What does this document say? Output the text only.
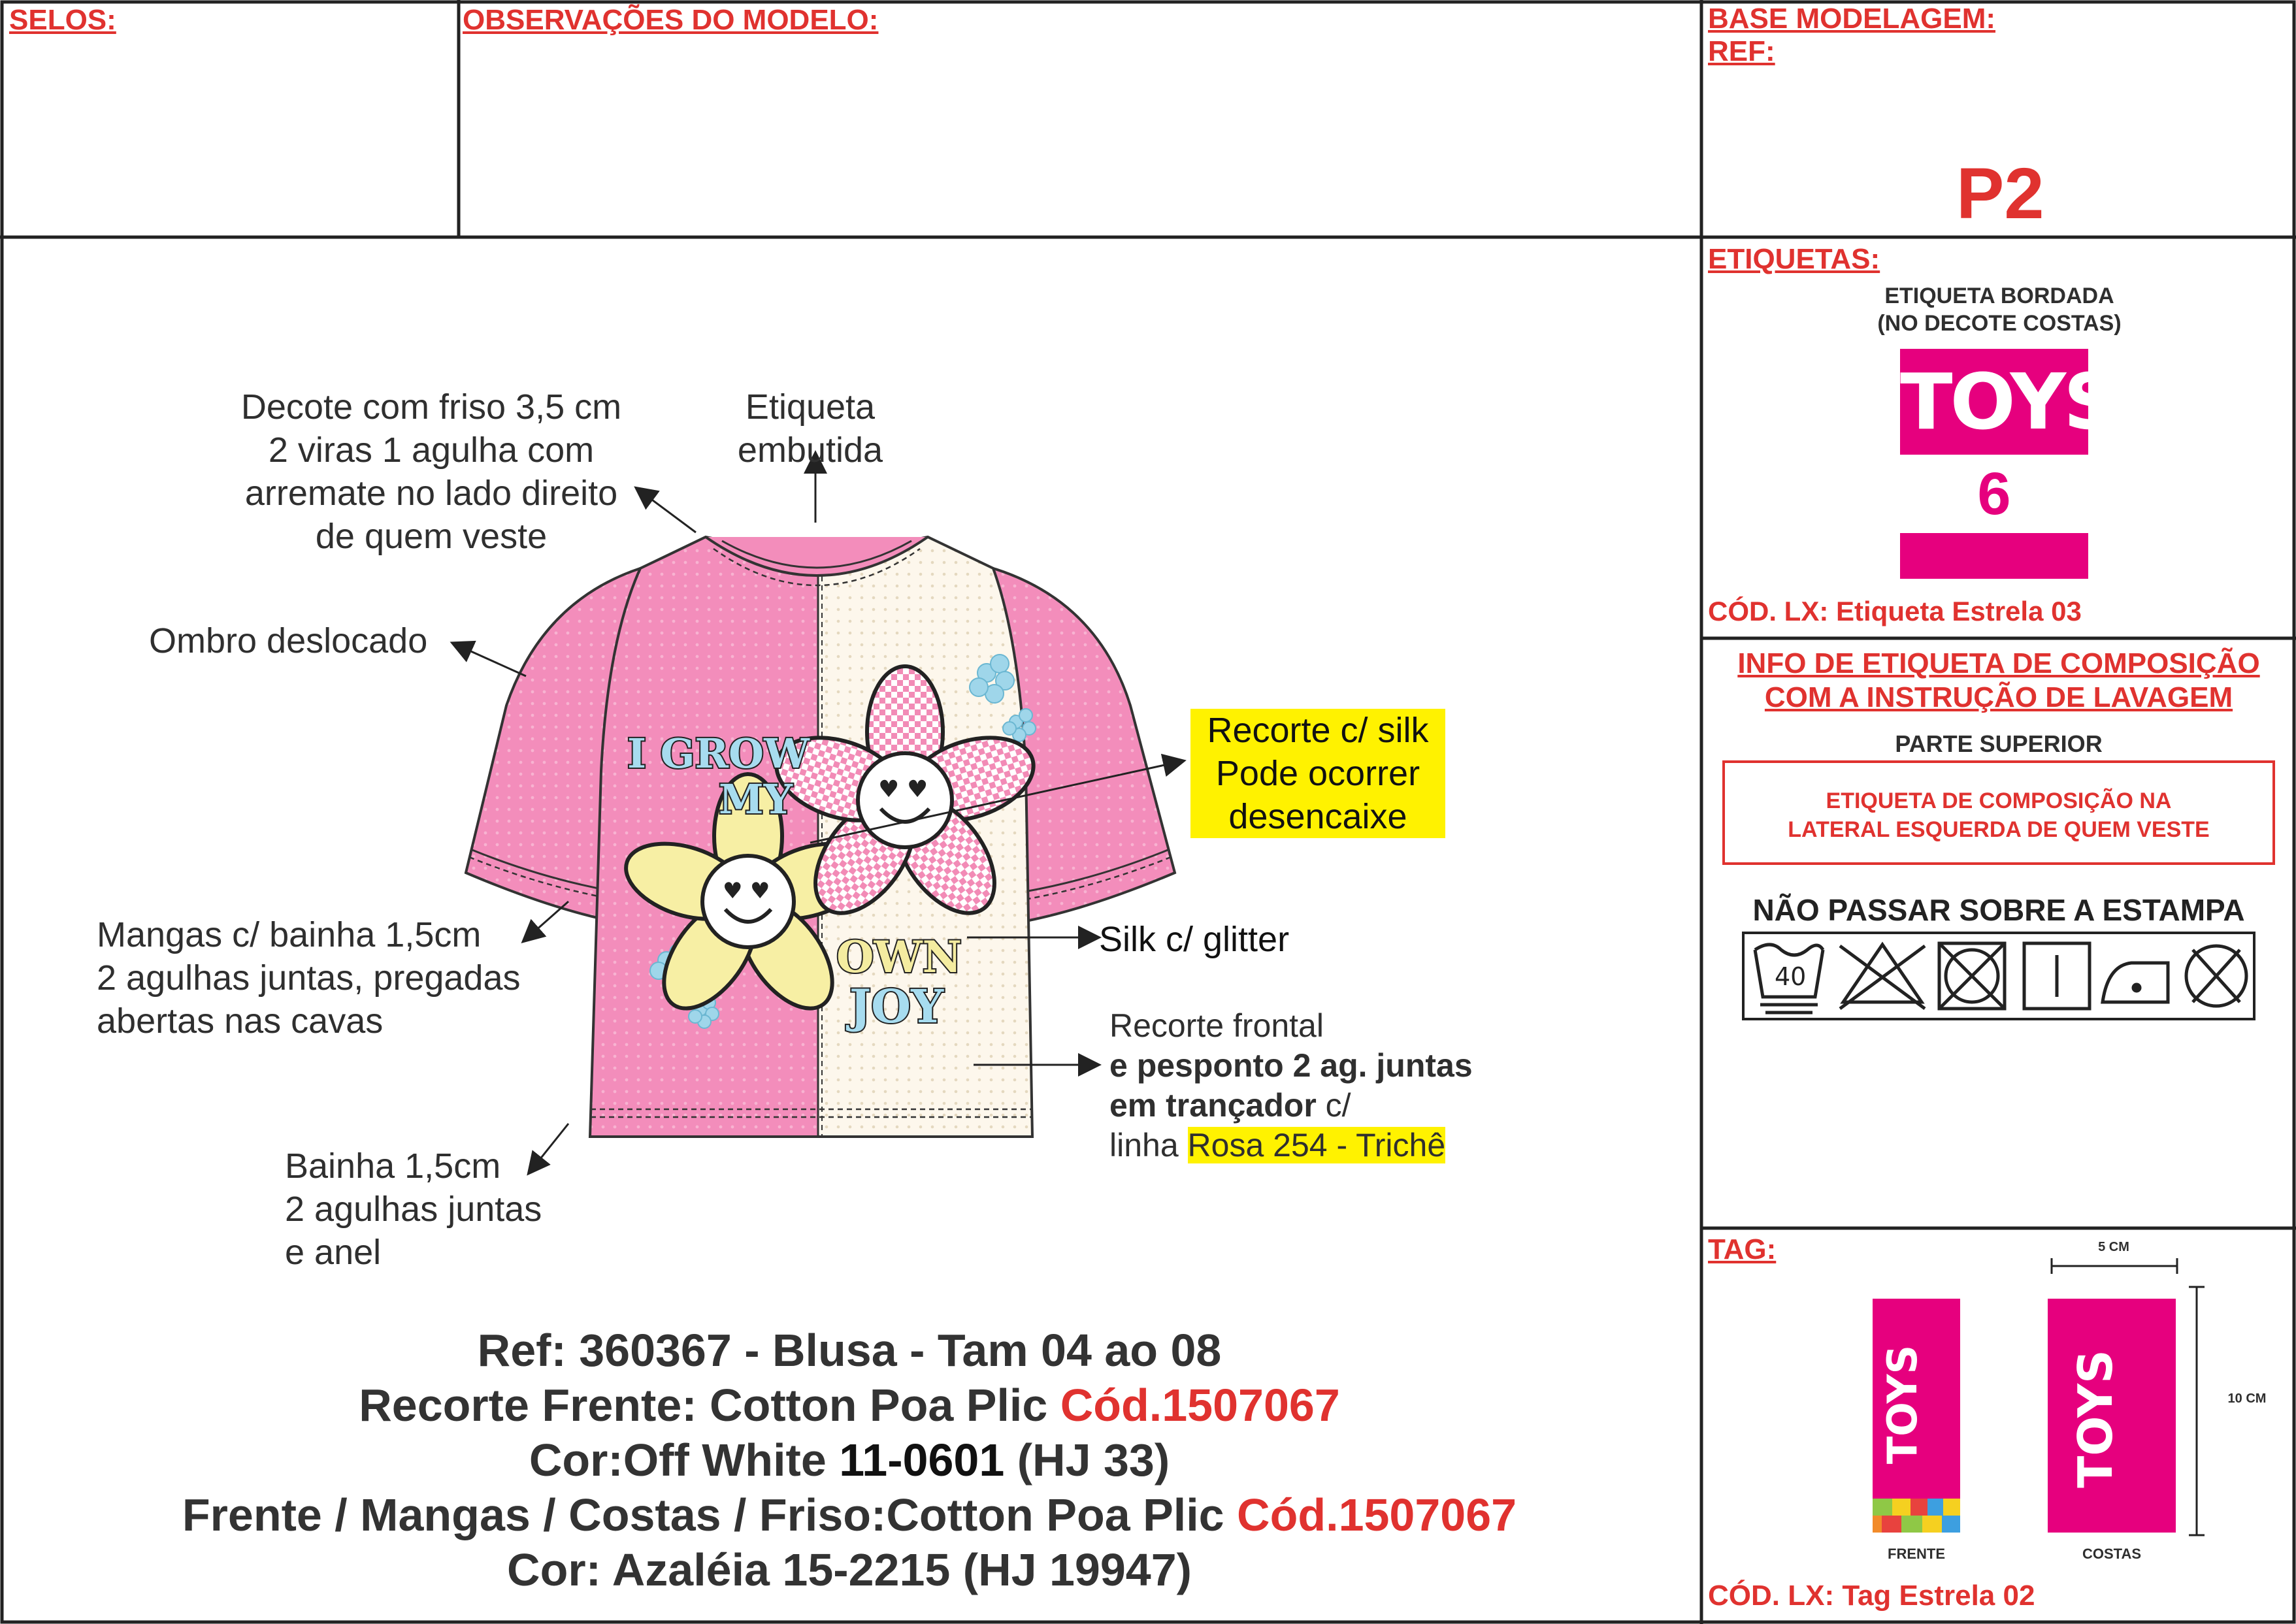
SELOS:	OBSERVAÇÕES DO MODELO:	BASE MODELAGEM:
REF:
P2
ETIQUETAS:
TAG:
♥ ♥
♥ ♥
I GROW
MY
OWN
JOY
Decote com friso 3,5 cm
2 viras 1 agulha com
arremate no lado direito
de quem veste
Etiqueta
embutida
Ombro deslocado
Recorte c/ silk
Pode ocorrer
desencaixe
Mangas c/ bainha 1,5cm
2 agulhas juntas, pregadas
abertas nas cavas
Silk c/ glitter
Recorte frontal
e pesponto 2 ag. juntas
em trançador c/
linha Rosa 254 - Trichê
Bainha 1,5cm
2 agulhas juntas
e anel
Ref: 360367 - Blusa - Tam 04 ao 08
Recorte Frente: Cotton Poa Plic Cód.1507067
Cor:Off White 11-0601 (HJ 33)
Frente / Mangas / Costas / Friso:Cotton Poa Plic Cód.1507067
Cor: Azaléia 15-2215 (HJ 19947)
ETIQUETA BORDADA
(NO DECOTE COSTAS)
TOYS
6
CÓD. LX: Etiqueta Estrela 03
INFO DE ETIQUETA DE COMPOSIÇÃO
COM A INSTRUÇÃO DE LAVAGEM
PARTE SUPERIOR
ETIQUETA DE COMPOSIÇÃO NA
LATERAL ESQUERDA DE QUEM VESTE
NÃO PASSAR SOBRE A ESTAMPA
40
TOYS	TOYS
5 CM
10 CM
FRENTE	COSTAS
CÓD. LX: Tag Estrela 02
